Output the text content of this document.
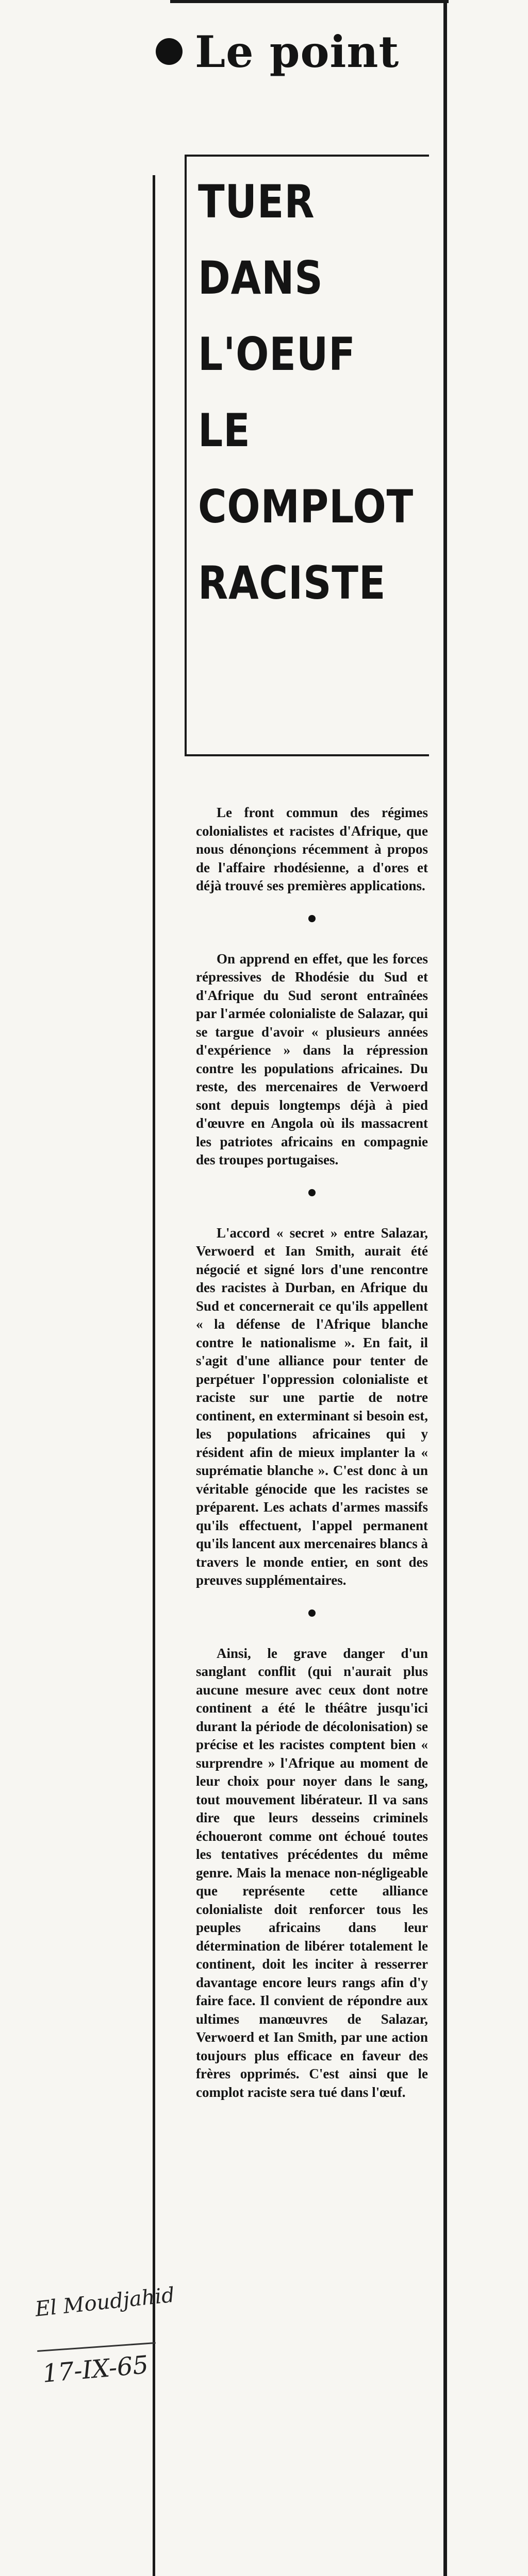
Le point
TUER
DANS
L'OEUF
LE
COMPLOT
RACISTE

Le front commun des régimes colonialistes et racistes d'Afrique, que nous dénonçions récemment à propos de l'affaire rhodésienne, a d'ores et déjà trouvé ses premières applications.

On apprend en effet, que les forces répressives de Rhodésie du Sud et d'Afrique du Sud seront entraînées par l'armée colonialiste de Salazar, qui se targue d'avoir « plusieurs années d'expérience » dans la répression contre les populations africaines. Du reste, des mercenaires de Verwoerd sont depuis longtemps déjà à pied d'œuvre en Angola où ils massacrent les patriotes africains en compagnie des troupes portugaises.

L'accord « secret » entre Salazar, Verwoerd et Ian Smith, aurait été négocié et signé lors d'une rencontre des racistes à Durban, en Afrique du Sud et concernerait ce qu'ils appellent « la défense de l'Afrique blanche contre le nationalisme ». En fait, il s'agit d'une alliance pour tenter de perpétuer l'oppression colonialiste et raciste sur une partie de notre continent, en exterminant si besoin est, les populations africaines qui y résident afin de mieux implanter la « suprématie blanche ». C'est donc à un véritable génocide que les racistes se préparent. Les achats d'armes massifs qu'ils effectuent, l'appel permanent qu'ils lancent aux mercenaires blancs à travers le monde entier, en sont des preuves supplémentaires.

Ainsi, le grave danger d'un sanglant conflit (qui n'aurait plus aucune mesure avec ceux dont notre continent a été le théâtre jusqu'ici durant la période de décolonisation) se précise et les racistes comptent bien « surprendre » l'Afrique au moment de leur choix pour noyer dans le sang, tout mouvement libérateur. Il va sans dire que leurs desseins criminels échoueront comme ont échoué toutes les tentatives précédentes du même genre. Mais la menace non-négligeable que représente cette alliance colonialiste doit renforcer tous les peuples africains dans leur détermination de libérer totalement le continent, doit les inciter à resserrer davantage encore leurs rangs afin d'y faire face. Il convient de répondre aux ultimes manœuvres de Salazar, Verwoerd et Ian Smith, par une action toujours plus efficace en faveur des frères opprimés. C'est ainsi que le complot raciste sera tué dans l'œuf.

El Moudjahid
17-IX-65
